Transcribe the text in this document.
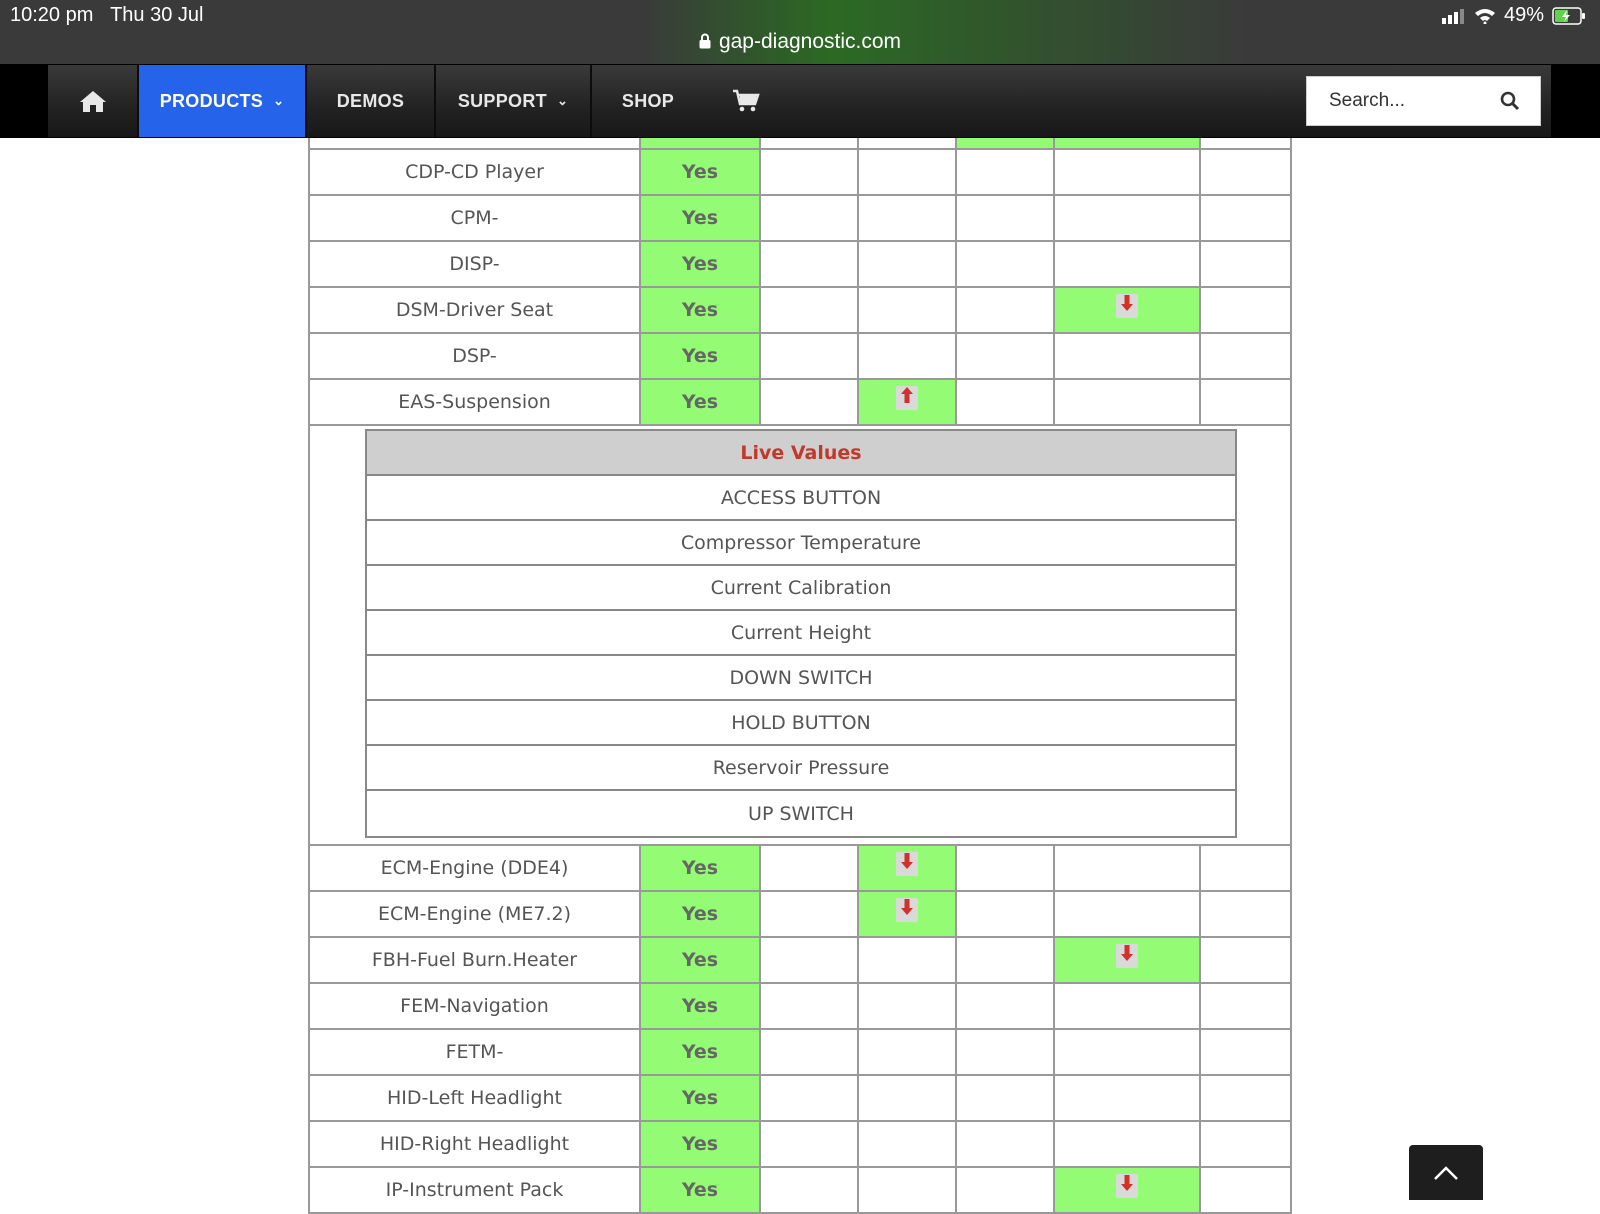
10:20 pm Thu 30 Jul	49%
gap-diagnostic.com
PRODUCTS ⌄	DEMOS	SUPPORT ⌄	SHOP
Search...
CDP-CD Player	Yes
CPM-	Yes
DISP-	Yes
DSM-Driver Seat	Yes
DSP-	Yes
EAS-Suspension	Yes
Live Values
ACCESS BUTTON
Compressor Temperature
Current Calibration
Current Height
DOWN SWITCH
HOLD BUTTON
Reservoir Pressure
UP SWITCH
ECM-Engine (DDE4)	Yes
ECM-Engine (ME7.2)	Yes
FBH-Fuel Burn.Heater	Yes
FEM-Navigation	Yes
FETM-	Yes
HID-Left Headlight	Yes
HID-Right Headlight	Yes
IP-Instrument Pack	Yes
